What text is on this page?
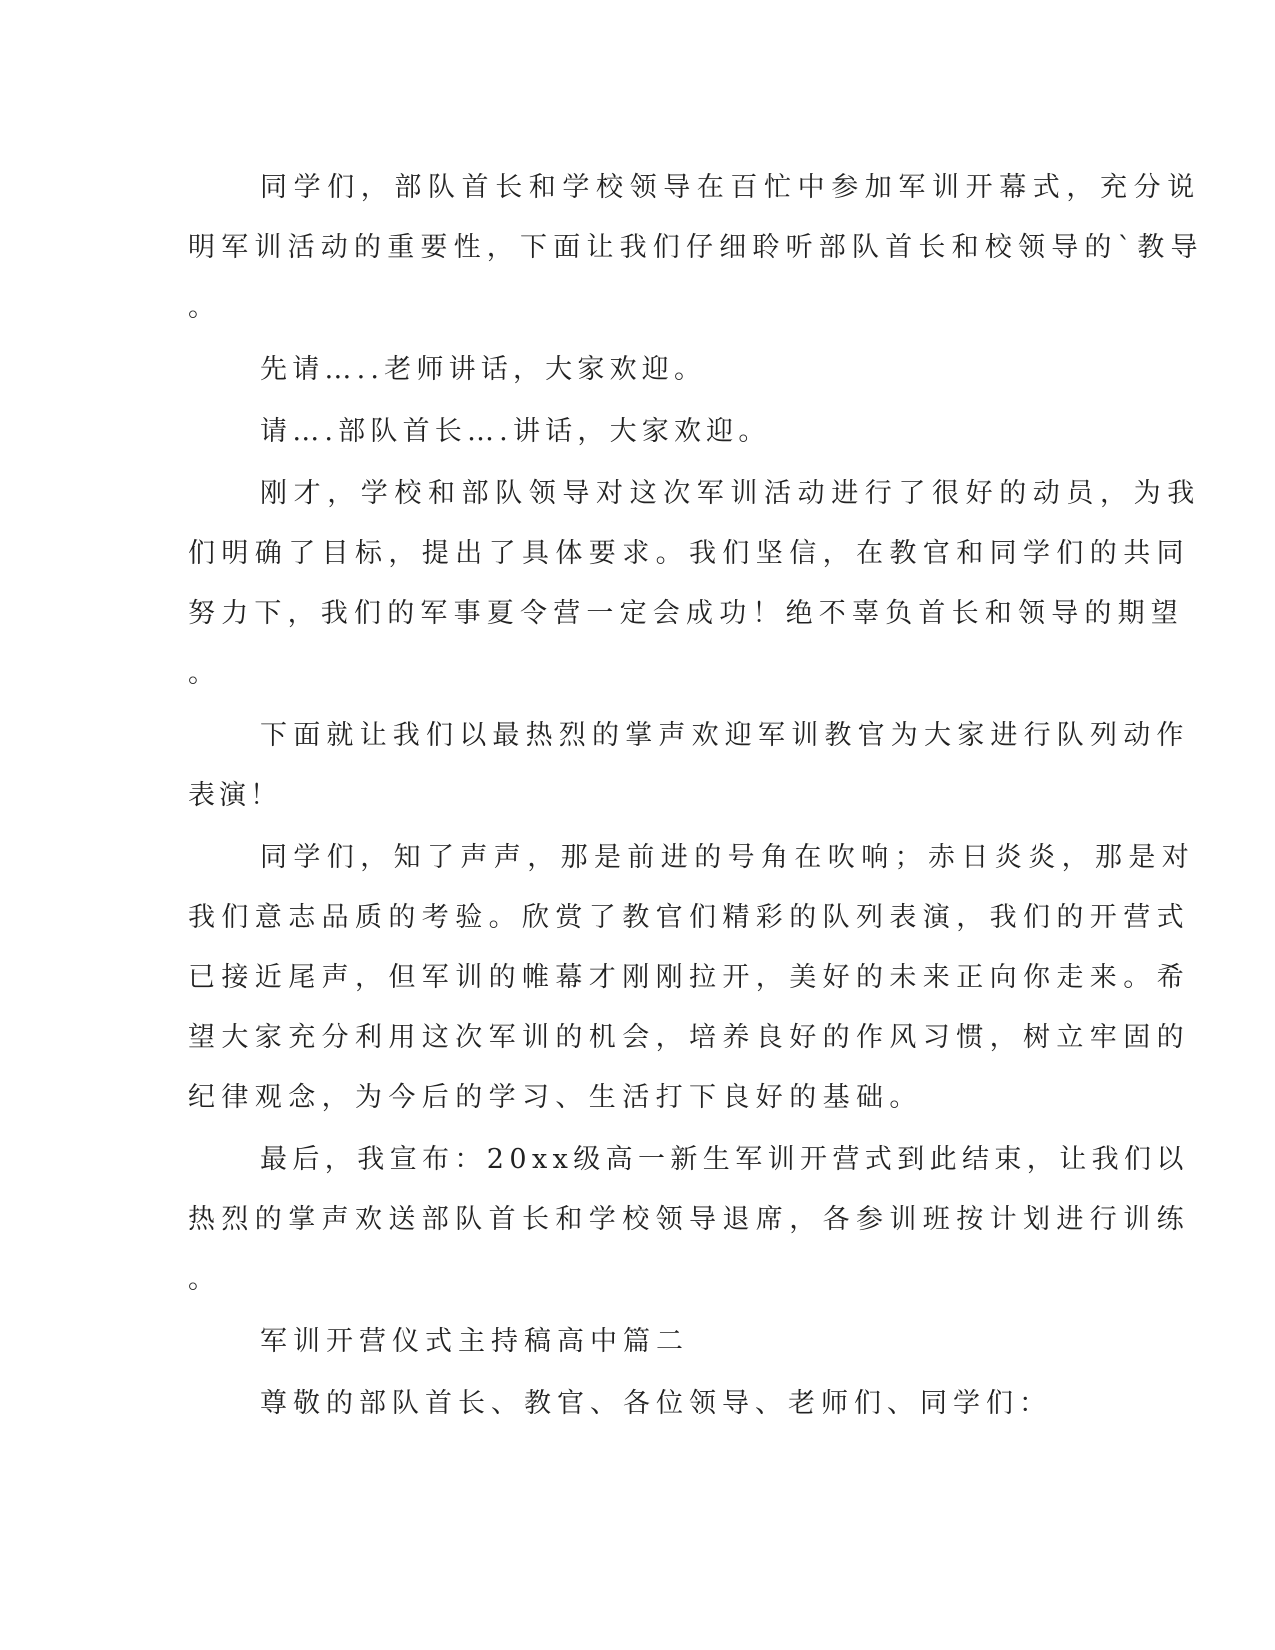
同学们，部队首长和学校领导在百忙中参加军训开幕式，充分说
明军训活动的重要性，下面让我们仔细聆听部队首长和校领导的`教导
。
先请…..老师讲话，大家欢迎。
请….部队首长….讲话，大家欢迎。
刚才，学校和部队领导对这次军训活动进行了很好的动员，为我
们明确了目标，提出了具体要求。我们坚信，在教官和同学们的共同
努力下，我们的军事夏令营一定会成功！绝不辜负首长和领导的期望
。
下面就让我们以最热烈的掌声欢迎军训教官为大家进行队列动作
表演！
同学们，知了声声，那是前进的号角在吹响；赤日炎炎，那是对
我们意志品质的考验。欣赏了教官们精彩的队列表演，我们的开营式
已接近尾声，但军训的帷幕才刚刚拉开，美好的未来正向你走来。希
望大家充分利用这次军训的机会，培养良好的作风习惯，树立牢固的
纪律观念，为今后的学习、生活打下良好的基础。
最后，我宣布：20xx级高一新生军训开营式到此结束，让我们以
热烈的掌声欢送部队首长和学校领导退席，各参训班按计划进行训练
。
军训开营仪式主持稿高中篇二
尊敬的部队首长、教官、各位领导、老师们、同学们：
